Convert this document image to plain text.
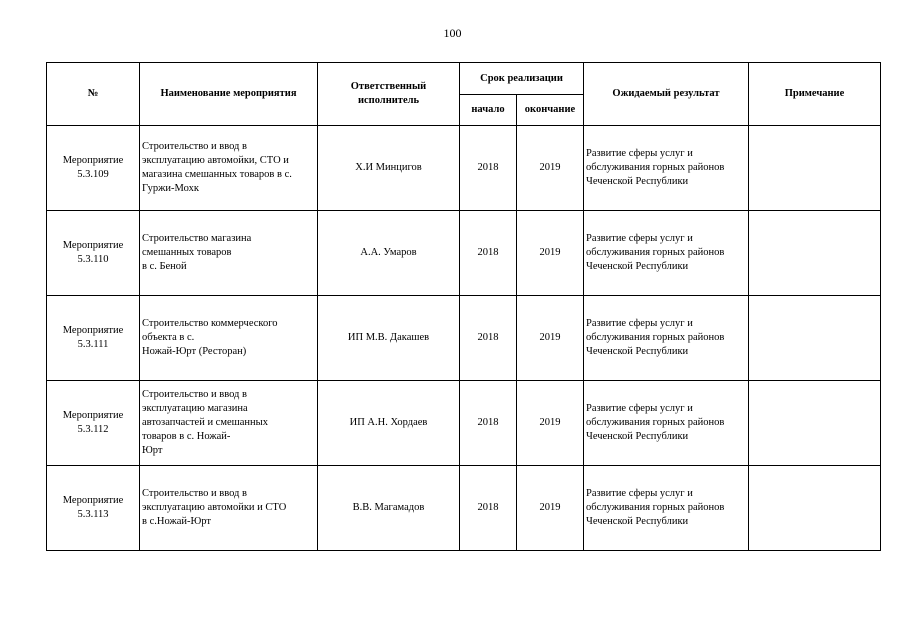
100
№	Наименование мероприятия	Ответственный
исполнитель	Срок реализации		Ожидаемый результат	Примечание
			начало	окончание		

Мероприятие
5.3.109	Строительство и ввод в
эксплуатацию автомойки, СТО и
магазина смешанных товаров в с.
Гуржи-Мохк	Х.И Минцигов	2018	2019	Развитие сферы услуг и
обслуживания горных районов
Чеченской Республики	

Мероприятие
5.3.110	Строительство магазина
смешанных товаров
в с. Беной	А.А. Умаров	2018	2019	Развитие сферы услуг и
обслуживания горных районов
Чеченской Республики	

Мероприятие
5.3.111	Строительство коммерческого
объекта в с.
Ножай-Юрт (Ресторан)	ИП М.В. Дакашев	2018	2019	Развитие сферы услуг и
обслуживания горных районов
Чеченской Республики	

Мероприятие
5.3.112	Строительство и ввод в
эксплуатацию магазина
автозапчастей и смешанных
товаров в с. Ножай-
Юрт	ИП А.Н. Хордаев	2018	2019	Развитие сферы услуг и
обслуживания горных районов
Чеченской Республики	

Мероприятие
5.3.113	Строительство и ввод в
эксплуатацию автомойки и СТО
в с.Ножай-Юрт	В.В. Магамадов	2018	2019	Развитие сферы услуг и
обслуживания горных районов
Чеченской Республики	
